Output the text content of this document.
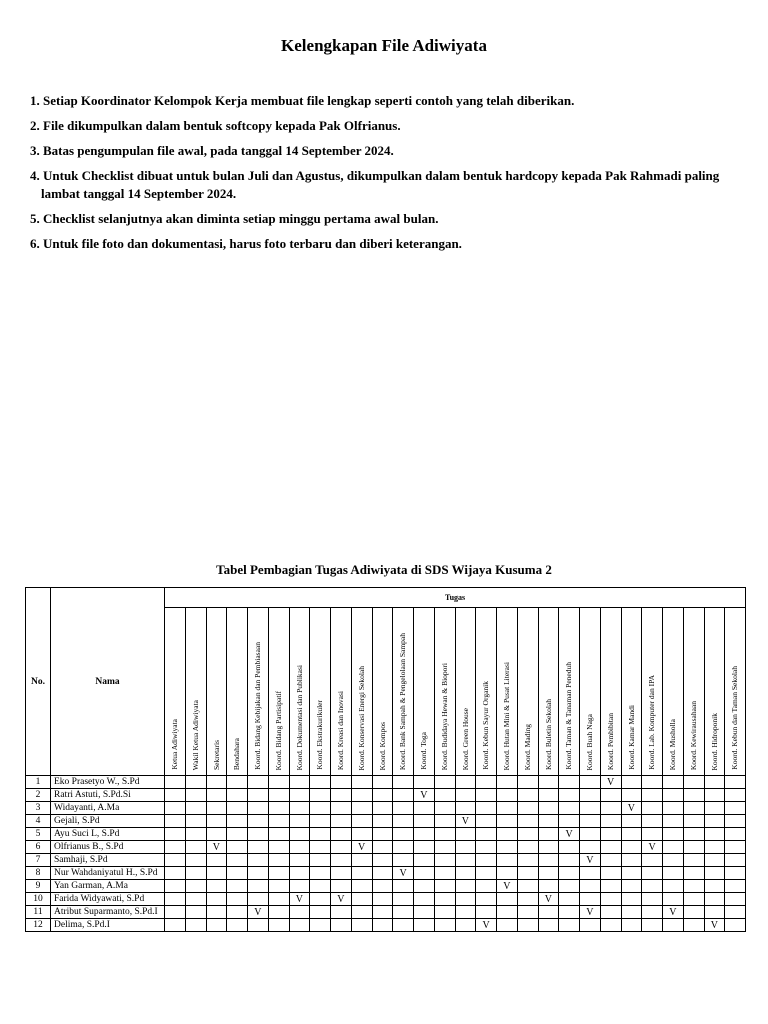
Kelengkapan File Adiwiyata
1. Setiap Koordinator Kelompok Kerja membuat file lengkap seperti contoh yang telah diberikan.
2. File dikumpulkan dalam bentuk softcopy kepada Pak Olfrianus.
3. Batas pengumpulan file awal, pada tanggal 14 September 2024.
4. Untuk Checklist dibuat untuk bulan Juli dan Agustus, dikumpulkan dalam bentuk hardcopy kepada Pak Rahmadi paling lambat tanggal 14 September 2024.
5. Checklist selanjutnya akan diminta setiap minggu pertama awal bulan.
6. Untuk file foto dan dokumentasi, harus foto terbaru dan diberi keterangan.
Tabel Pembagian Tugas Adiwiyata di SDS Wijaya Kusuma 2
No.	Nama	Tugas																											
		Ketua Adiwiyata	Wakil Ketua Adiwiyata	Sekretaris	Bendahara	Koord. Bidang Kebijakan dan Pembiasaan	Koord. Bidang Partisipatif	Koord. Dokumentasi dan Publikasi	Koord. Ekstrakurikuler	Koord. Kreasi dan Inovasi	Koord. Konservasi Energi Sekolah	Koord. Kompos	Koord. Bank Sampah & Pengelolaan Sampah	Koord. Toga	Koord. Budidaya Hewan & Biopori	Koord. Green House	Koord. Kebun Sayur Organik	Koord. Hutan Mini & Pusat Literasi	Koord. Mading	Koord. Buletin Sekolah	Koord. Taman & Tanaman Peneduh	Koord. Buah Naga	Koord. Pembibitan	Koord. Kamar Mandi	Koord. Lab. Komputer dan IPA	Koord. Musholla	Koord. Kewirausahaan	Koord. Hidroponik	Koord. Kebun dan Taman Sekolah
1	Eko Prasetyo W., S.Pd																						V						
2	Ratri Astuti, S.Pd.Si													V															
3	Widayanti, A.Ma																							V					
4	Gejali, S.Pd															V													
5	Ayu Suci L, S.Pd																				V								
6	Olfrianus B., S.Pd			V							V														V				
7	Samhaji, S.Pd																					V							
8	Nur Wahdaniyatul H., S.Pd												V																
9	Yan Garman, A.Ma																	V											
10	Farida Widyawati, S.Pd							V		V										V									
11	Atribut Suparmanto, S.Pd.I					V																V				V			
12	Delima, S.Pd.I																V											V	
